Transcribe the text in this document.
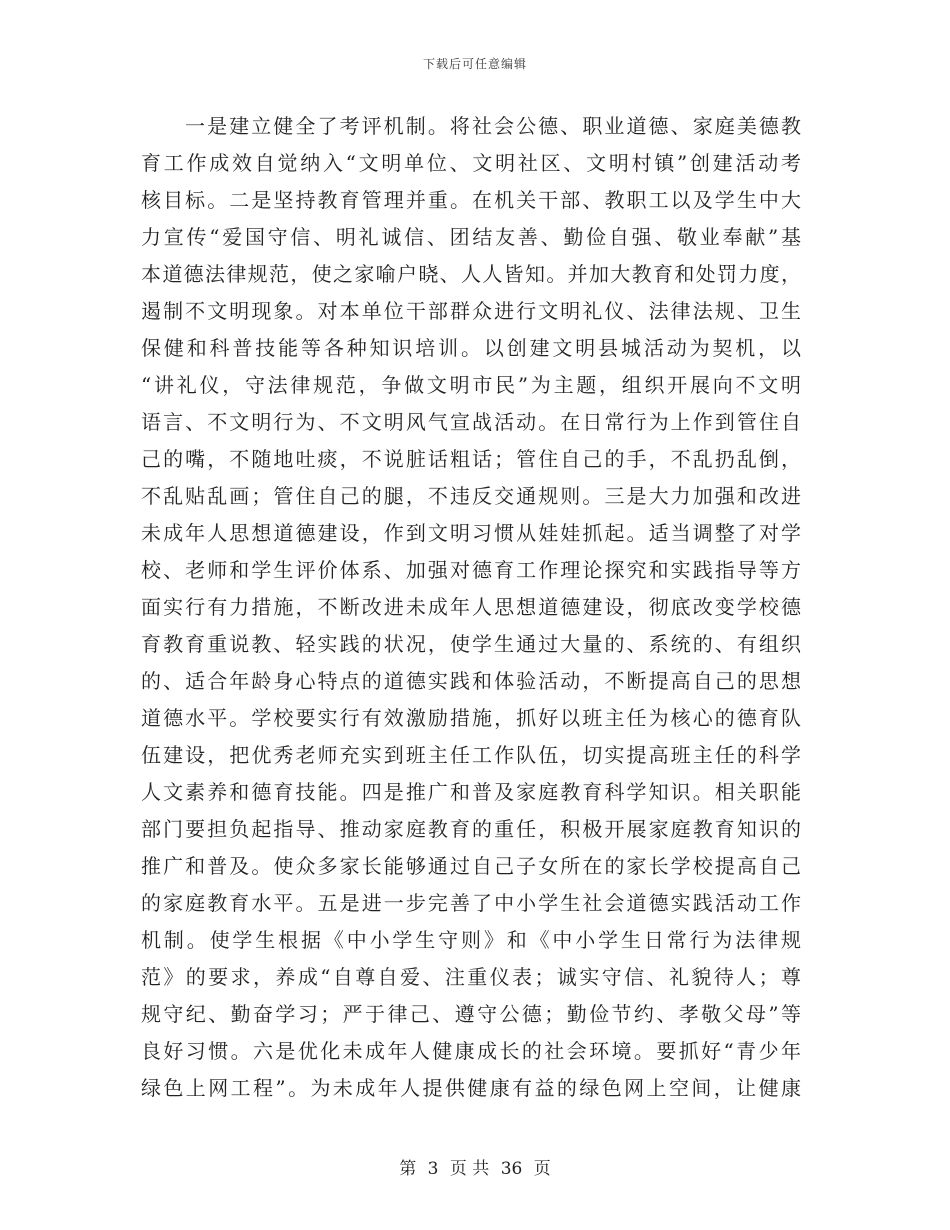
下载后可任意编辑
一是建立健全了考评机制。将社会公德、职业道德、家庭美德教
育工作成效自觉纳入“文明单位、文明社区、文明村镇”创建活动考
核目标。二是坚持教育管理并重。在机关干部、教职工以及学生中大
力宣传“爱国守信、明礼诚信、团结友善、勤俭自强、敬业奉献”基
本道德法律规范，使之家喻户晓、人人皆知。并加大教育和处罚力度，
遏制不文明现象。对本单位干部群众进行文明礼仪、法律法规、卫生
保健和科普技能等各种知识培训。以创建文明县城活动为契机，以
“讲礼仪，守法律规范，争做文明市民”为主题，组织开展向不文明
语言、不文明行为、不文明风气宣战活动。在日常行为上作到管住自
己的嘴，不随地吐痰，不说脏话粗话；管住自己的手，不乱扔乱倒，
不乱贴乱画；管住自己的腿，不违反交通规则。三是大力加强和改进
未成年人思想道德建设，作到文明习惯从娃娃抓起。适当调整了对学
校、老师和学生评价体系、加强对德育工作理论探究和实践指导等方
面实行有力措施，不断改进未成年人思想道德建设，彻底改变学校德
育教育重说教、轻实践的状况，使学生通过大量的、系统的、有组织
的、适合年龄身心特点的道德实践和体验活动，不断提高自己的思想
道德水平。学校要实行有效激励措施，抓好以班主任为核心的德育队
伍建设，把优秀老师充实到班主任工作队伍，切实提高班主任的科学
人文素养和德育技能。四是推广和普及家庭教育科学知识。相关职能
部门要担负起指导、推动家庭教育的重任，积极开展家庭教育知识的
推广和普及。使众多家长能够通过自己子女所在的家长学校提高自己
的家庭教育水平。五是进一步完善了中小学生社会道德实践活动工作
机制。使学生根据《中小学生守则》和《中小学生日常行为法律规
范》的要求，养成“自尊自爱、注重仪表；诚实守信、礼貌待人；尊
规守纪、勤奋学习；严于律己、遵守公德；勤俭节约、孝敬父母”等
良好习惯。六是优化未成年人健康成长的社会环境。要抓好“青少年
绿色上网工程”。为未成年人提供健康有益的绿色网上空间，让健康
第 3 页 共 36 页
